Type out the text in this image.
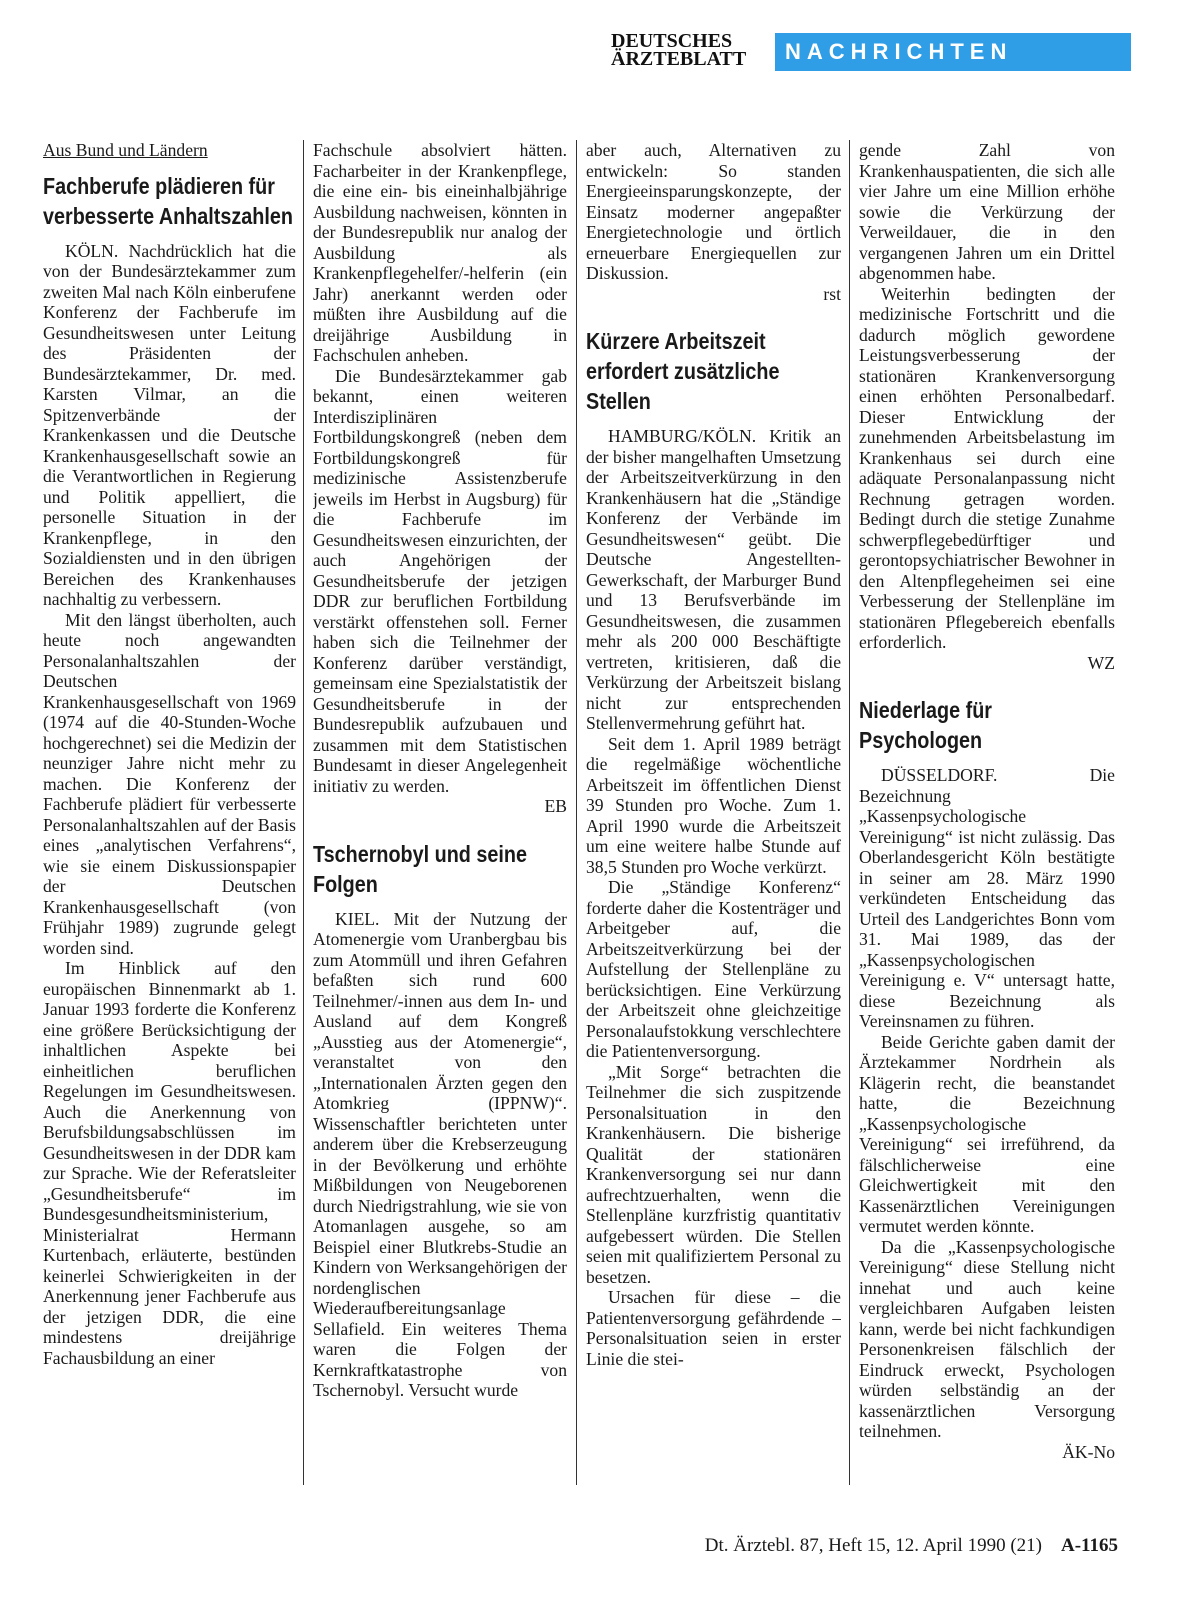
DEUTSCHES
ÄRZTEBLATT	NACHRICHTEN
Aus Bund und Ländern
Fachberufe plädieren für verbesserte Anhaltszahlen

KÖLN. Nachdrücklich hat die von der Bundesärztekammer zum zweiten Mal nach Köln einberufene Konferenz der Fachberufe im Gesundheitswesen unter Leitung des Präsidenten der Bundesärztekammer, Dr. med. Karsten Vilmar, an die Spitzenverbände der Krankenkassen und die Deutsche Krankenhausgesellschaft sowie an die Verantwortlichen in Regierung und Politik appelliert, die personelle Situation in der Krankenpflege, in den Sozialdiensten und in den übrigen Bereichen des Krankenhauses nachhaltig zu verbessern.

Mit den längst überholten, auch heute noch angewandten Personalanhaltszahlen der Deutschen Krankenhausgesellschaft von 1969 (1974 auf die 40-Stunden-Woche hochgerechnet) sei die Medizin der neunziger Jahre nicht mehr zu machen. Die Konferenz der Fachberufe plädiert für verbesserte Personalanhaltszahlen auf der Basis eines „analytischen Verfahrens“, wie sie einem Diskussionspapier der Deutschen Krankenhausgesellschaft (von Frühjahr 1989) zugrunde gelegt worden sind.

Im Hinblick auf den europäischen Binnenmarkt ab 1. Januar 1993 forderte die Konferenz eine größere Berücksichtigung der inhaltlichen Aspekte bei einheitlichen beruflichen Regelungen im Gesundheitswesen. Auch die Anerkennung von Berufsbildungsabschlüssen im Gesundheitswesen in der DDR kam zur Sprache. Wie der Referatsleiter „Gesundheitsberufe“ im Bundesgesundheitsministerium, Ministerialrat Hermann Kurtenbach, erläuterte, bestünden keinerlei Schwierigkeiten in der Anerkennung jener Fachberufe aus der jetzigen DDR, die eine mindestens dreijährige Fachausbildung an einer

Fachschule absolviert hätten. Facharbeiter in der Krankenpflege, die eine ein- bis eineinhalbjährige Ausbildung nachweisen, könnten in der Bundesrepublik nur analog der Ausbildung als Krankenpflegehelfer/-helferin (ein Jahr) anerkannt werden oder müßten ihre Ausbildung auf die dreijährige Ausbildung in Fachschulen anheben.

Die Bundesärztekammer gab bekannt, einen weiteren Interdisziplinären Fortbildungskongreß (neben dem Fortbildungskongreß für medizinische Assistenzberufe jeweils im Herbst in Augsburg) für die Fachberufe im Gesundheitswesen einzurichten, der auch Angehörigen der Gesundheitsberufe der jetzigen DDR zur beruflichen Fortbildung verstärkt offenstehen soll. Ferner haben sich die Teilnehmer der Konferenz darüber verständigt, gemeinsam eine Spezialstatistik der Gesundheitsberufe in der Bundesrepublik aufzubauen und zusammen mit dem Statistischen Bundesamt in dieser Angelegenheit initiativ zu werden.

EB
Tschernobyl und seine Folgen

KIEL. Mit der Nutzung der Atomenergie vom Uranbergbau bis zum Atommüll und ihren Gefahren befaßten sich rund 600 Teilnehmer/-innen aus dem In- und Ausland auf dem Kongreß „Ausstieg aus der Atomenergie“, veranstaltet von den „Internationalen Ärzten gegen den Atomkrieg (IPPNW)“. Wissenschaftler berichteten unter anderem über die Krebserzeugung in der Bevölkerung und erhöhte Mißbildungen von Neugeborenen durch Niedrigstrahlung, wie sie von Atomanlagen ausgehe, so am Beispiel einer Blutkrebs-Studie an Kindern von Werksangehörigen der nordenglischen Wiederaufbereitungsanlage Sellafield. Ein weiteres Thema waren die Folgen der Kernkraftkatastrophe von Tschernobyl. Versucht wurde

aber auch, Alternativen zu entwickeln: So standen Energieeinsparungskonzepte, der Einsatz moderner angepaßter Energietechnologie und örtlich erneuerbare Energiequellen zur Diskussion.

rst
Kürzere Arbeitszeit erfordert zusätzliche Stellen

HAMBURG/KÖLN. Kritik an der bisher mangelhaften Umsetzung der Arbeitszeitverkürzung in den Krankenhäusern hat die „Ständige Konferenz der Verbände im Gesundheitswesen“ geübt. Die Deutsche Angestellten-Gewerkschaft, der Marburger Bund und 13 Berufsverbände im Gesundheitswesen, die zusammen mehr als 200 000 Beschäftigte vertreten, kritisieren, daß die Verkürzung der Arbeitszeit bislang nicht zur entsprechenden Stellenvermehrung geführt hat.

Seit dem 1. April 1989 beträgt die regelmäßige wöchentliche Arbeitszeit im öffentlichen Dienst 39 Stunden pro Woche. Zum 1. April 1990 wurde die Arbeitszeit um eine weitere halbe Stunde auf 38,5 Stunden pro Woche verkürzt.

Die „Ständige Konferenz“ forderte daher die Kostenträger und Arbeitgeber auf, die Arbeitszeitverkürzung bei der Aufstellung der Stellenpläne zu berücksichtigen. Eine Verkürzung der Arbeitszeit ohne gleichzeitige Personalaufstokkung verschlechtere die Patientenversorgung.

„Mit Sorge“ betrachten die Teilnehmer die sich zuspitzende Personalsituation in den Krankenhäusern. Die bisherige Qualität der stationären Krankenversorgung sei nur dann aufrechtzuerhalten, wenn die Stellenpläne kurzfristig quantitativ aufgebessert würden. Die Stellen seien mit qualifiziertem Personal zu besetzen.

Ursachen für diese – die Patientenversorgung gefährdende – Personalsituation seien in erster Linie die stei-

gende Zahl von Krankenhauspatienten, die sich alle vier Jahre um eine Million erhöhe sowie die Verkürzung der Verweildauer, die in den vergangenen Jahren um ein Drittel abgenommen habe.

Weiterhin bedingten der medizinische Fortschritt und die dadurch möglich gewordene Leistungsverbesserung der stationären Krankenversorgung einen erhöhten Personalbedarf. Dieser Entwicklung der zunehmenden Arbeitsbelastung im Krankenhaus sei durch eine adäquate Personalanpassung nicht Rechnung getragen worden. Bedingt durch die stetige Zunahme schwerpflegebedürftiger und gerontopsychiatrischer Bewohner in den Altenpflegeheimen sei eine Verbesserung der Stellenpläne im stationären Pflegebereich ebenfalls erforderlich.

WZ
Niederlage für Psychologen

DÜSSELDORF. Die Bezeichnung „Kassenpsychologische Vereinigung“ ist nicht zulässig. Das Oberlandesgericht Köln bestätigte in seiner am 28. März 1990 verkündeten Entscheidung das Urteil des Landgerichtes Bonn vom 31. Mai 1989, das der „Kassenpsychologischen Vereinigung e. V“ untersagt hatte, diese Bezeichnung als Vereinsnamen zu führen.

Beide Gerichte gaben damit der Ärztekammer Nordrhein als Klägerin recht, die beanstandet hatte, die Bezeichnung „Kassenpsychologische Vereinigung“ sei irreführend, da fälschlicherweise eine Gleichwertigkeit mit den Kassenärztlichen Vereinigungen vermutet werden könnte.

Da die „Kassenpsychologische Vereinigung“ diese Stellung nicht innehat und auch keine vergleichbaren Aufgaben leisten kann, werde bei nicht fachkundigen Personenkreisen fälschlich der Eindruck erweckt, Psychologen würden selbständig an der kassenärztlichen Versorgung teilnehmen.

ÄK-No
Dt. Ärztebl. 87, Heft 15, 12. April 1990 (21) A-1165
